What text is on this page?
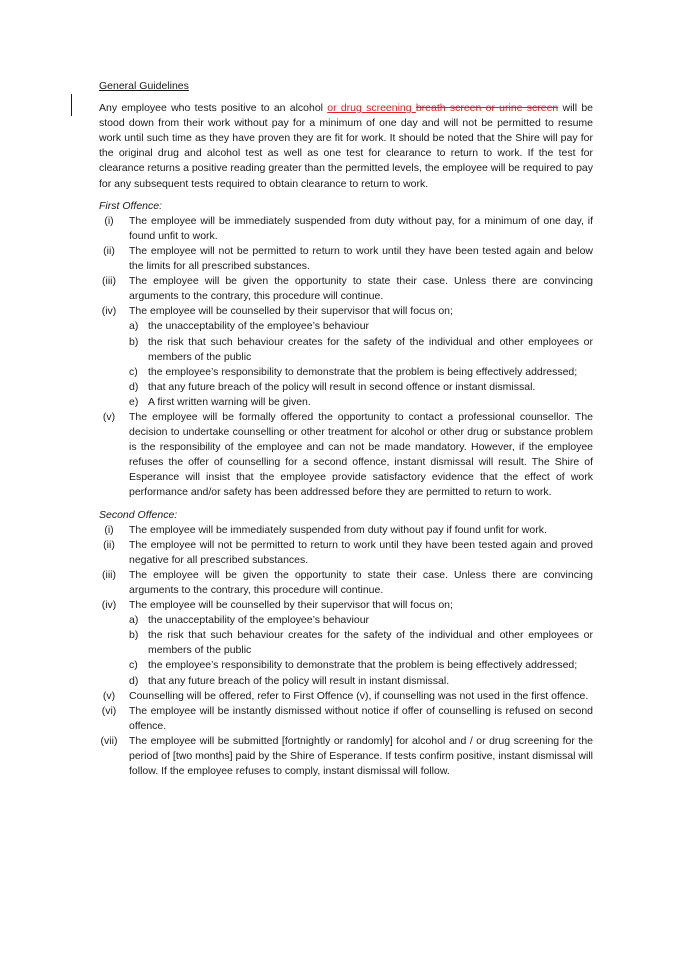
General Guidelines

Any employee who tests positive to an alcohol or drug screening breath screen or urine screen will be stood down from their work without pay for a minimum of one day and will not be permitted to resume work until such time as they have proven they are fit for work. It should be noted that the Shire will pay for the original drug and alcohol test as well as one test for clearance to return to work. If the test for clearance returns a positive reading greater than the permitted levels, the employee will be required to pay for any subsequent tests required to obtain clearance to return to work.

First Offence:

(i)	The employee will be immediately suspended from duty without pay, for a minimum of one day, if found unfit to work.
(ii)	The employee will not be permitted to return to work until they have been tested again and below the limits for all prescribed substances.
(iii)	The employee will be given the opportunity to state their case. Unless there are convincing arguments to the contrary, this procedure will continue.
(iv)	The employee will be counselled by their supervisor that will focus on;
a) the unacceptability of the employee’s behaviour
b) the risk that such behaviour creates for the safety of the individual and other employees or members of the public
c) the employee’s responsibility to demonstrate that the problem is being effectively addressed;
d) that any future breach of the policy will result in second offence or instant dismissal.
e) A first written warning will be given.
(v)	The employee will be formally offered the opportunity to contact a professional counsellor. The decision to undertake counselling or other treatment for alcohol or other drug or substance problem is the responsibility of the employee and can not be made mandatory. However, if the employee refuses the offer of counselling for a second offence, instant dismissal will result. The Shire of Esperance will insist that the employee provide satisfactory evidence that the effect of work performance and/or safety has been addressed before they are permitted to return to work.

Second Offence:

(i)	The employee will be immediately suspended from duty without pay if found unfit for work.
(ii)	The employee will not be permitted to return to work until they have been tested again and proved negative for all prescribed substances.
(iii)	The employee will be given the opportunity to state their case. Unless there are convincing arguments to the contrary, this procedure will continue.
(iv)	The employee will be counselled by their supervisor that will focus on;
a) the unacceptability of the employee’s behaviour
b) the risk that such behaviour creates for the safety of the individual and other employees or members of the public
c) the employee’s responsibility to demonstrate that the problem is being effectively addressed;
d) that any future breach of the policy will result in instant dismissal.
(v)	Counselling will be offered, refer to First Offence (v), if counselling was not used in the first offence.
(vi)	The employee will be instantly dismissed without notice if offer of counselling is refused on second offence.
(vii)	The employee will be submitted [fortnightly or randomly] for alcohol and / or drug screening for the period of [two months] paid by the Shire of Esperance. If tests confirm positive, instant dismissal will follow. If the employee refuses to comply, instant dismissal will follow.
